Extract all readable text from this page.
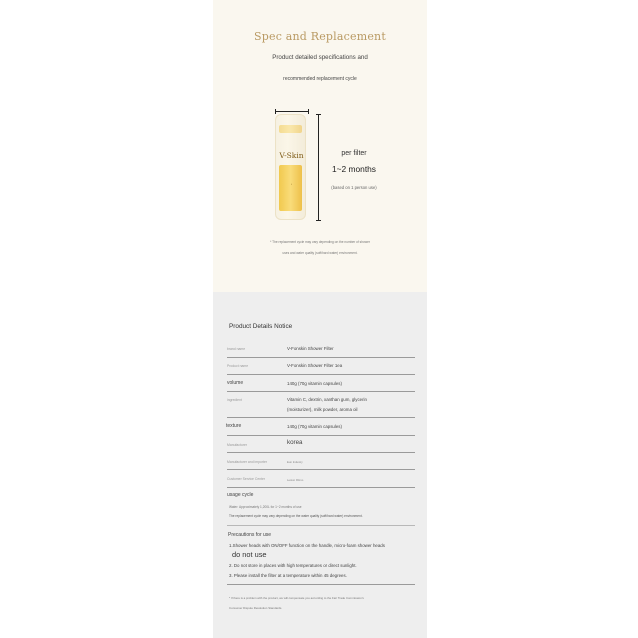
Spec and Replacement
Product detailed specifications and
recommended replacement cycle
V-Skin
•
per filter
1~2 months
(based on 1 person use)
* The replacement cycle may vary depending on the number of shower
uses and water quality (soft/hard water) environment.
Product Details Notice
brand name	V-Fonskin Shower Filter
Product name	V-Fonskin Shower Filter 1ea
volume	140g (70g vitamin capsules)
ingredient	Vitamin C, dextrin, xanthan gum, glycerin
(moisturizer), milk powder, aroma oil
texture	140g (70g vitamin capsules)
Manufacturer	korea
Manufacturer and importer	Eun Industry
Customer Service Center	Lesion Ritmo
usage cycle
Water: Approximately 1,200L for 1~2 months of use
The replacement cycle may vary depending on the water quality (soft/hard water) environment.
Precautions for use
1.Shower heads with ON/OFF function on the handle, micro-foam shower heads
do not use
2. Do not store in places with high temperatures or direct sunlight.
3. Please install the filter at a temperature within 45 degrees.
* If there is a problem with the product, we will compensate you according to the Fair Trade Commission's
Consumer Dispute Resolution Standards.
